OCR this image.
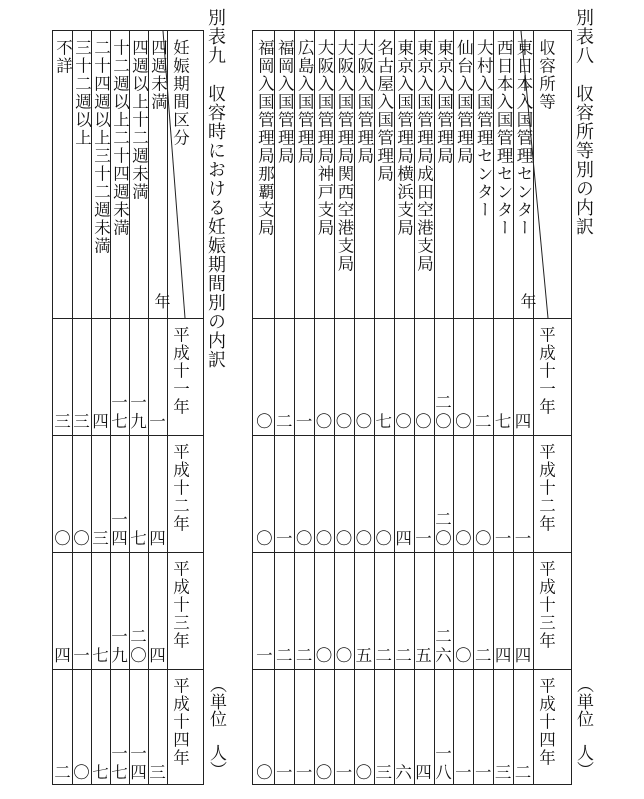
別表八　収容所等別の内訳
（単位　人）
収容所等
年
平成十一年
平成十二年
平成十三年
平成十四年
東日本入国管理センター
四
一
四
二
西日本入国管理センター
七
一
四
三
大村入国管理センター
二
〇
二
一
仙台入国管理局
〇
〇
〇
一
東京入国管理局
二
〇
二
〇
二
六
一
八
東京入国管理局成田空港支局
〇
一
五
四
東京入国管理局横浜支局
〇
四
二
六
名古屋入国管理局
七
〇
二
三
大阪入国管理局
〇
〇
五
〇
大阪入国管理局関西空港支局
〇
〇
〇
一
大阪入国管理局神戸支局
〇
〇
〇
〇
広島入国管理局
一
〇
二
一
福岡入国管理局
二
一
二
一
福岡入国管理局那覇支局
〇
〇
一
〇
別表九　収容時における妊娠期間別の内訳
（単位　人）
妊娠期間区分
年
平成十一年
平成十二年
平成十三年
平成十四年
四週未満
一
四
四
三
四週以上十二週未満
一
九
七
二
〇
一
四
十二週以上二十四週未満
一
七
一
四
一
九
一
七
二十四週以上三十二週未満
四
三
七
七
三十二週以上
三
〇
一
〇
不詳
三
〇
四
二
